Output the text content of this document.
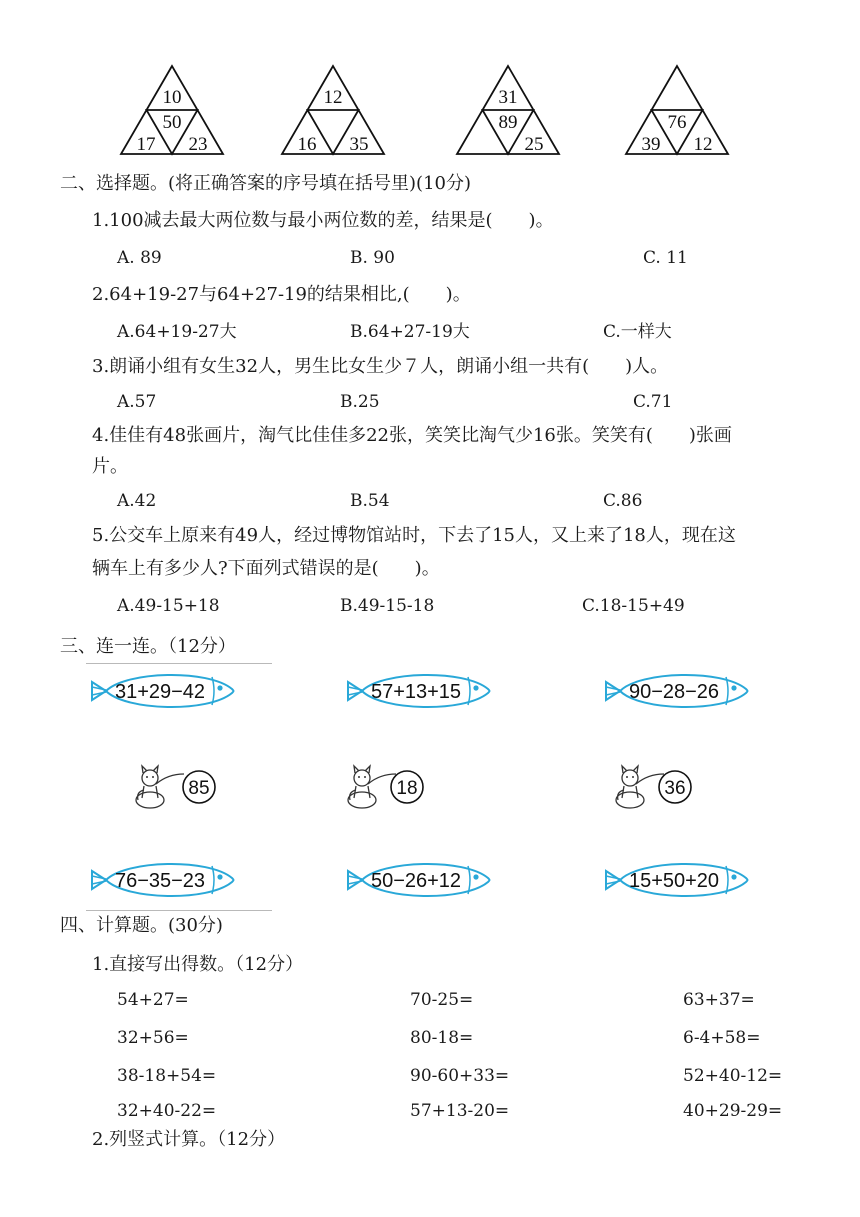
10
50
17 23
12
16 35
31
89
25
76
39 12
二、选择题。(将正确答案的序号填在括号里)(10分)
1.100减去最大两位数与最小两位数的差，结果是(　　)。
A. 89	B. 90	C. 11
2.64+19-27与64+27-19的结果相比,(　　)。
A.64+19-27大	B.64+27-19大	C.一样大
3.朗诵小组有女生32人，男生比女生少７人，朗诵小组一共有(　　)人。
A.57	B.25	C.71
4.佳佳有48张画片，淘气比佳佳多22张，笑笑比淘气少16张。笑笑有(　　)张画
片。
A.42	B.54	C.86
5.公交车上原来有49人，经过博物馆站时，下去了15人，又上来了18人，现在这
辆车上有多少人?下面列式错误的是(　　)。
A.49-15+18	B.49-15-18	C.18-15+49
三、连一连。（12分）
31+29−42	57+13+15	90−28−26
85	18	36
76−35−23	50−26+12	15+50+20
四、计算题。(30分)
1.直接写出得数。（12分）
54+27=	70-25=	63+37=
32+56=	80-18=	6-4+58=
38-18+54=	90-60+33=	52+40-12=
32+40-22=	57+13-20=	40+29-29=
2.列竖式计算。（12分）
